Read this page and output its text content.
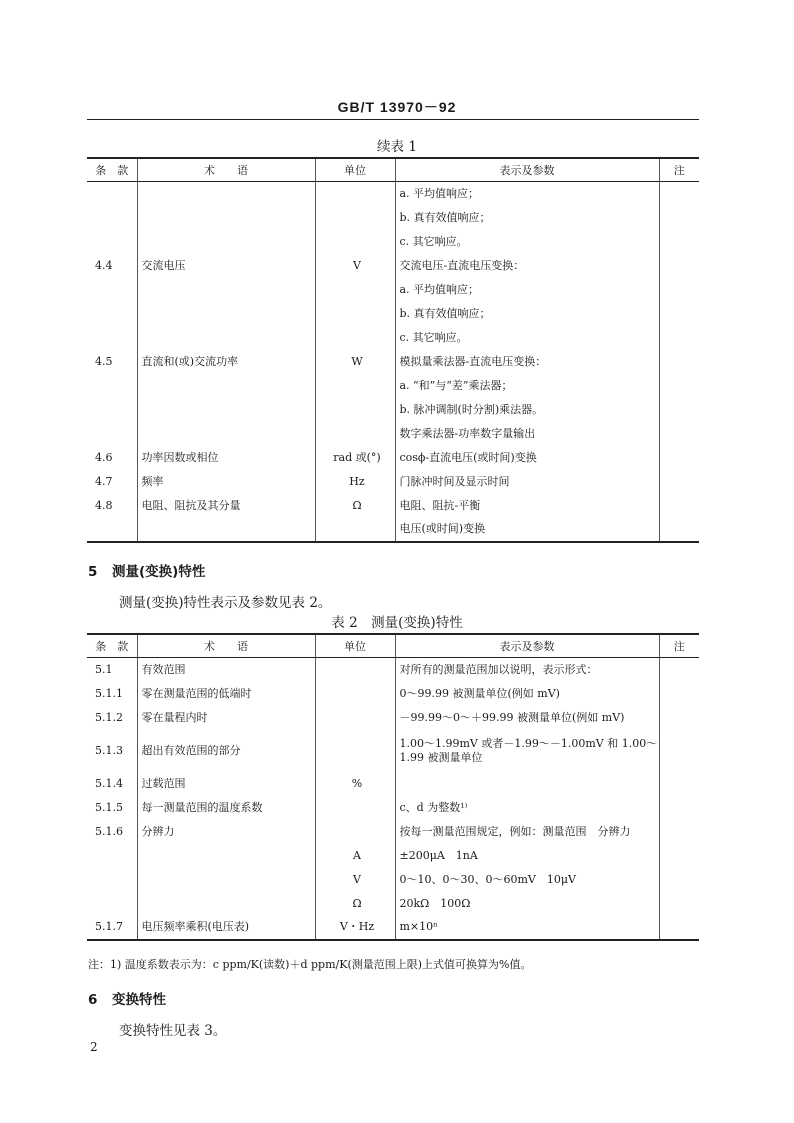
GB/T 13970－92
续表 1
条　款	术　　语	单位	表示及参数	注
			a. 平均值响应；	
			b. 真有效值响应；	
			c. 其它响应。	
4.4	交流电压	V	交流电压-直流电压变换：	
			a. 平均值响应；	
			b. 真有效值响应；	
			c. 其它响应。	
4.5	直流和(或)交流功率	W	模拟量乘法器-直流电压变换：	
			a. “和”与“差”乘法器；	
			b. 脉冲调制(时分割)乘法器。	
			数字乘法器-功率数字量输出	
4.6	功率因数或相位	rad 或(°)	cosϕ-直流电压(或时间)变换	
4.7	频率	Hz	门脉冲时间及显示时间	
4.8	电阻、阻抗及其分量	Ω	电阻、阻抗-平衡	
			电压(或时间)变换	
5 测量(变换)特性
测量(变换)特性表示及参数见表 2。
表 2　测量(变换)特性
条　款	术　　语	单位	表示及参数	注
5.1	有效范围		对所有的测量范围加以说明，表示形式：	
5.1.1	零在测量范围的低端时		0～99.99 被测量单位(例如 mV)	
5.1.2	零在量程内时		－99.99～0～＋99.99 被测量单位(例如 mV)	
5.1.3	超出有效范围的部分		1.00～1.99mV 或者－1.99～－1.00mV 和 1.00～1.99 被测量单位	
5.1.4	过载范围	%		
5.1.5	每一测量范围的温度系数		c、d 为整数¹⁾	
5.1.6	分辨力		按每一测量范围规定，例如：测量范围　分辨力	
		A	±200μA　1nA	
		V	0～10、0～30、0～60mV　10μV	
		Ω	20kΩ　100Ω	
5.1.7	电压频率乘积(电压表)	V・Hz	m×10ⁿ	
注：1) 温度系数表示为：c ppm/K(读数)＋d ppm/K(测量范围上限)上式值可换算为%值。
6 变换特性
变换特性见表 3。
2
